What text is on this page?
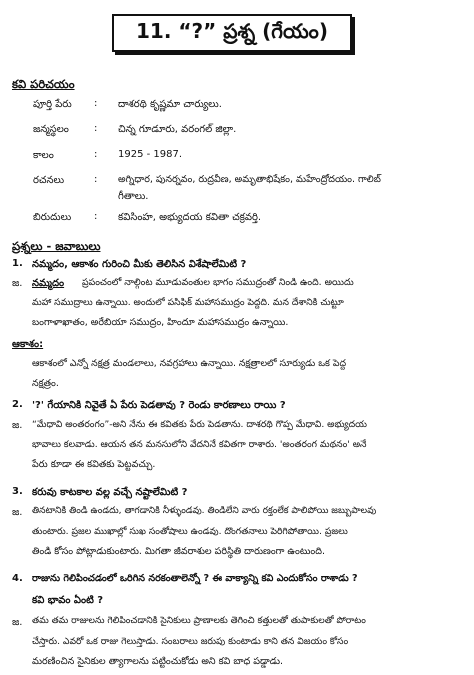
11. “?” ప్రశ్న (గేయం)
కవి పరిచయం
పూర్తి పేరు : దాశరథి కృష్ణమా చార్యులు.
జన్మస్థలం	: చిన్న గూడూరు, వరంగల్ జిల్లా.
కాలం	: 1925 - 1987.
రచనలు	: అగ్నిధార, పునర్నవం, రుద్రవీణ, అమృతాభిషేకం, మహేంద్రోదయం. గాలిబ్
గీతాలు.
బిరుదులు : కవిసింహ, అభ్యుదయ కవితా చక్రవర్తి.
ప్రశ్నలు - జవాబులు
1. నమ్మదం, ఆకాశం గురించి మీకు తెలిసిన విశేషాలేమిటి ?
జ. నమ్మదం ప్రపంచంలో నాల్గింట మూడువంతుల భాగం సముద్రంతో నిండి ఉంది. అయిదు
మహా సముద్రాలు ఉన్నాయి. అందులో పసిఫిక్ మహాసముద్రం పెద్దది. మన దేశానికి చుట్టూ
బంగాళాఖాతం, అరేబియా సముద్రం, హిందూ మహాసముద్రం ఉన్నాయి.
ఆకాశం:
ఆకాశంలో ఎన్నో నక్షత్ర మండలాలు, నవగ్రహాలు ఉన్నాయి. నక్షత్రాలలో సూర్యుడు ఒక పెద్ద
నక్షత్రం.
2. '?' గేయానికి నివైతే ఏ పేరు పెడతావు ? రెండు కారణాలు రాయి ?
జ. “మేధావి అంతరంగం”-అని నేను ఈ కవితకు పేరు పెడతాను. దాశరథి గొప్ప మేధావి. అభ్యుదయ
భావాలు కలవాడు. ఆయన తన మనసులోని వేదనినే కవితగా రాశారు. 'అంతరంగ మథనం' అనే
పేరు కూడా ఈ కవితకు పెట్టవచ్చు.
3. కరువు కాటకాల వల్ల వచ్చే నష్టాలేమిటి ?
జ. తినటానికి తిండి ఉండదు, తాగడానికి నీళ్ళుండవు. తిండిలేని వారు రక్తంలేక పాలిపోయి జబ్బుపాలవు
తుంటారు. ప్రజల ముఖాల్లో సుఖ సంతోషాలు ఉండవు. దొంగతనాలు పెరిగిపోతాయి. ప్రజలు
తిండి కోసం పోట్లాడుకుంటారు. మిగతా జీవరాశుల పరిస్థితి దారుణంగా ఉంటుంది.
4. రాజును గెలిపించడంలో ఒరిగిన నరకంతాలెన్నో ? ఈ వాక్యాన్ని కవి ఎందుకోసం రాశాడు ?
కవి భావం ఏంటి ?
జ. తమ తమ రాజులను గెలిపించడానికి సైనికులు ప్రాణాలకు తెగించి కత్తులతో తుపాకులతో పోరాటం
చేస్తారు. ఎవరో ఒక రాజు గెలుస్తాడు. సంబరాలు జరుపు కుంటాడు కాని తన విజయం కోసం
మరణించిన సైనికుల త్యాగాలను పట్టించుకోడు అని కవి బాధ పడ్డాడు.
